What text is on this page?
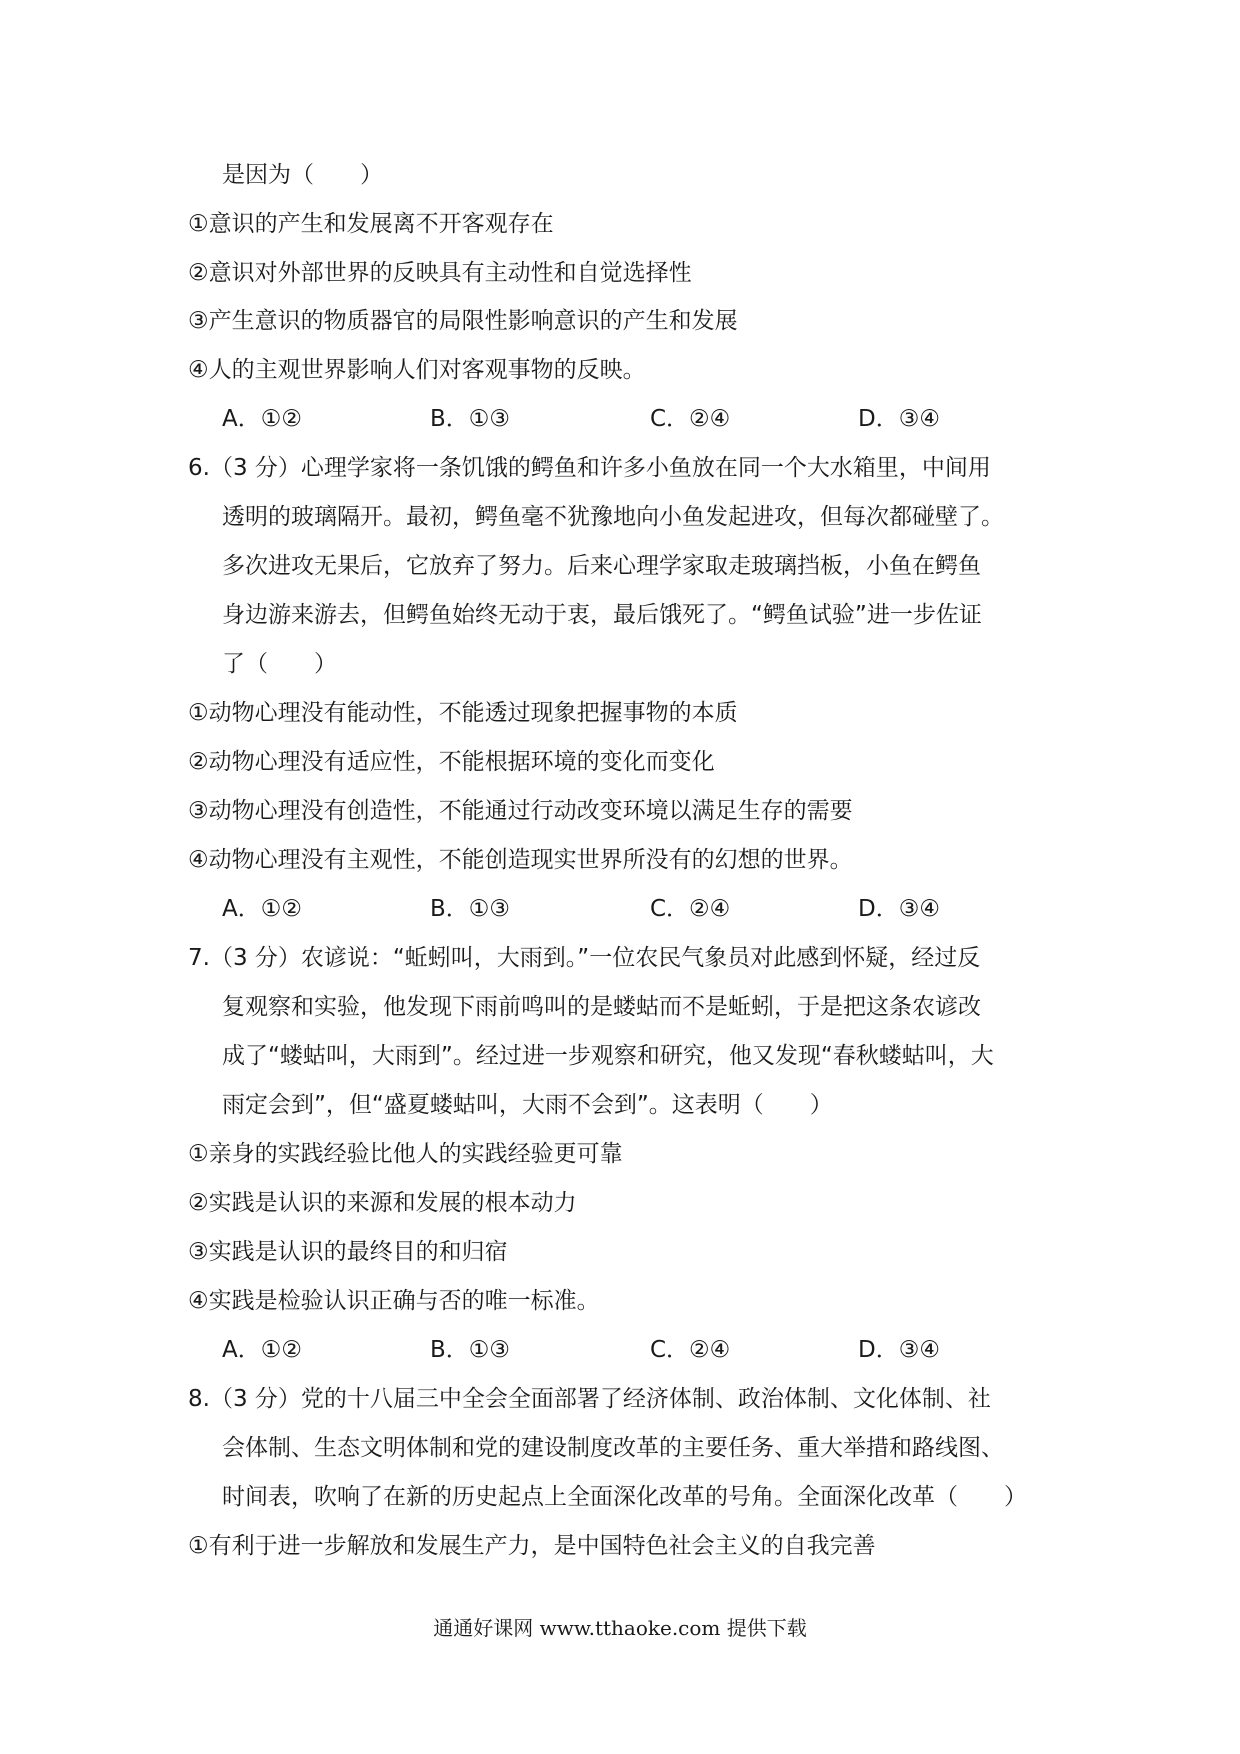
是因为（　　）
①意识的产生和发展离不开客观存在
②意识对外部世界的反映具有主动性和自觉选择性
③产生意识的物质器官的局限性影响意识的产生和发展
④人的主观世界影响人们对客观事物的反映。
A．①②	B．①③	C．②④	D．③④
6.（3 分）心理学家将一条饥饿的鳄鱼和许多小鱼放在同一个大水箱里，中间用
透明的玻璃隔开。最初，鳄鱼毫不犹豫地向小鱼发起进攻，但每次都碰壁了。
多次进攻无果后，它放弃了努力。后来心理学家取走玻璃挡板，小鱼在鳄鱼
身边游来游去，但鳄鱼始终无动于衷，最后饿死了。“鳄鱼试验”进一步佐证
了（　　）
①动物心理没有能动性，不能透过现象把握事物的本质
②动物心理没有适应性，不能根据环境的变化而变化
③动物心理没有创造性，不能通过行动改变环境以满足生存的需要
④动物心理没有主观性，不能创造现实世界所没有的幻想的世界。
A．①②	B．①③	C．②④	D．③④
7.（3 分）农谚说：“蚯蚓叫，大雨到。”一位农民气象员对此感到怀疑，经过反
复观察和实验，他发现下雨前鸣叫的是蝼蛄而不是蚯蚓，于是把这条农谚改
成了“蝼蛄叫，大雨到”。经过进一步观察和研究，他又发现“春秋蝼蛄叫，大
雨定会到”，但“盛夏蝼蛄叫，大雨不会到”。这表明（　　）
①亲身的实践经验比他人的实践经验更可靠
②实践是认识的来源和发展的根本动力
③实践是认识的最终目的和归宿
④实践是检验认识正确与否的唯一标准。
A．①②	B．①③	C．②④	D．③④
8.（3 分）党的十八届三中全会全面部署了经济体制、政治体制、文化体制、社
会体制、生态文明体制和党的建设制度改革的主要任务、重大举措和路线图、
时间表，吹响了在新的历史起点上全面深化改革的号角。全面深化改革（　　）
①有利于进一步解放和发展生产力，是中国特色社会主义的自我完善
通通好课网 www.tthaoke.com 提供下载
